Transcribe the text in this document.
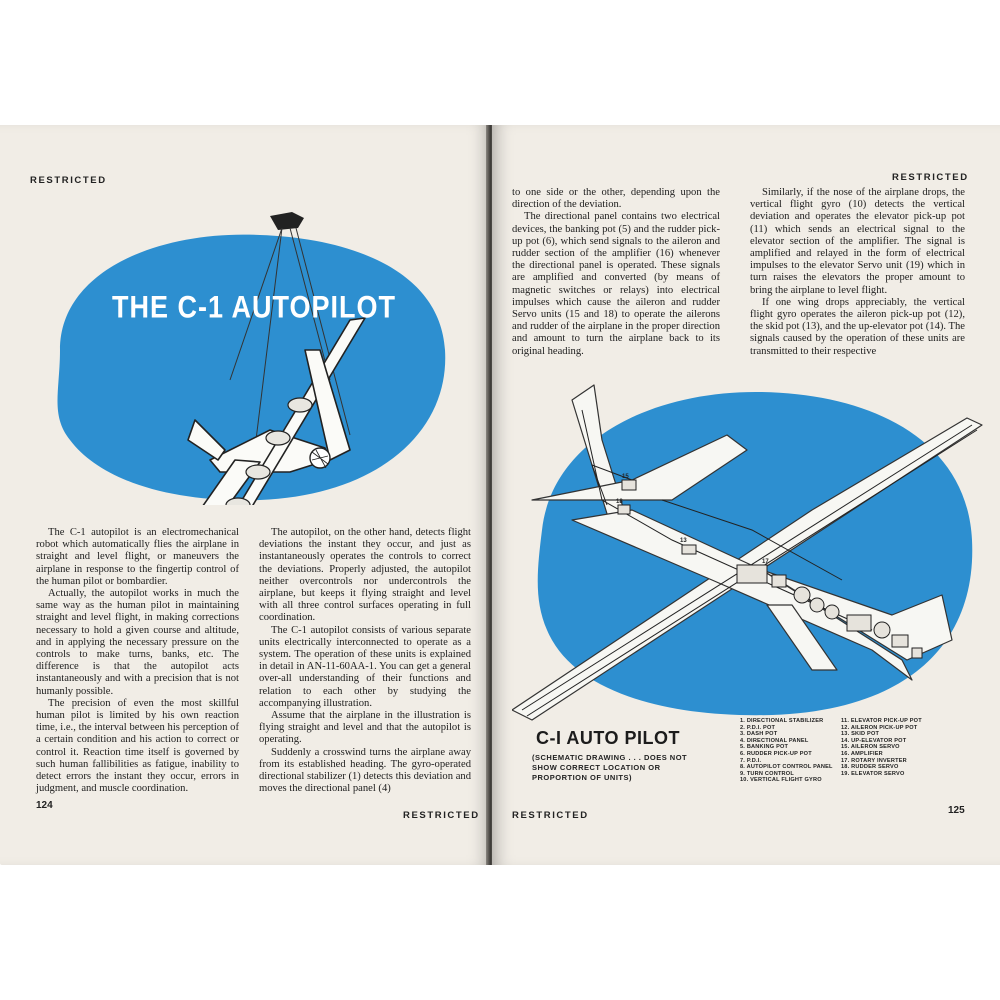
RESTRICTED
THE C-1 AUTOPILOT

The C-1 autopilot is an electromechanical robot which automatically flies the airplane in straight and level flight, or maneuvers the airplane in response to the fingertip control of the human pilot or bombardier.

Actually, the autopilot works in much the same way as the human pilot in maintaining straight and level flight, in making corrections necessary to hold a given course and altitude, and in applying the necessary pressure on the controls to make turns, banks, etc. The difference is that the autopilot acts instantaneously and with a precision that is not humanly possible.

The precision of even the most skillful human pilot is limited by his own reaction time, i.e., the interval between his perception of a certain condition and his action to correct or control it. Reaction time itself is governed by such human fallibilities as fatigue, inability to detect errors the instant they occur, errors in judgment, and muscle coordination.

The autopilot, on the other hand, detects flight deviations the instant they occur, and just as instantaneously operates the controls to correct the deviations. Properly adjusted, the autopilot neither overcontrols nor undercontrols the airplane, but keeps it flying straight and level with all three control surfaces operating in full coordination.

The C-1 autopilot consists of various separate units electrically interconnected to operate as a system. The operation of these units is explained in detail in AN-11-60AA-1. You can get a general over-all understanding of their functions and relation to each other by studying the accompanying illustration.

Assume that the airplane in the illustration is flying straight and level and that the autopilot is operating.

Suddenly a crosswind turns the airplane away from its established heading. The gyro-operated directional stabilizer (1) detects this deviation and moves the directional panel (4)

124
RESTRICTED
RESTRICTED

to one side or the other, depending upon the direction of the deviation.

The directional panel contains two electrical devices, the banking pot (5) and the rudder pick-up pot (6), which send signals to the aileron and rudder section of the amplifier (16) whenever the directional panel is operated. These signals are amplified and converted (by means of magnetic switches or relays) into electrical impulses which cause the aileron and rudder Servo units (15 and 18) to operate the ailerons and rudder of the airplane in the proper direction and amount to turn the airplane back to its original heading.

Similarly, if the nose of the airplane drops, the vertical flight gyro (10) detects the vertical deviation and operates the elevator pick-up pot (11) which sends an electrical signal to the elevator section of the amplifier. The signal is amplified and relayed in the form of electrical impulses to the elevator Servo unit (19) which in turn raises the elevators the proper amount to bring the airplane to level flight.

If one wing drops appreciably, the vertical flight gyro operates the aileron pick-up pot (12), the skid pot (13), and the up-elevator pot (14). The signals caused by the operation of these units are transmitted to their respective

15
18
13
17
C-I AUTO PILOT
(SCHEMATIC DRAWING . . . DOES NOT SHOW CORRECT LOCATION OR PROPORTION OF UNITS)
1. DIRECTIONAL STABILIZER
2. P.D.I. POT
3. DASH POT
4. DIRECTIONAL PANEL
5. BANKING POT
6. RUDDER PICK-UP POT
7. P.D.I.
8. AUTOPILOT CONTROL PANEL
9. TURN CONTROL
10. VERTICAL FLIGHT GYRO
11. ELEVATOR PICK-UP POT
12. AILERON PICK-UP POT
13. SKID POT
14. UP-ELEVATOR POT
15. AILERON SERVO
16. AMPLIFIER
17. ROTARY INVERTER
18. RUDDER SERVO
19. ELEVATOR SERVO
RESTRICTED	125
